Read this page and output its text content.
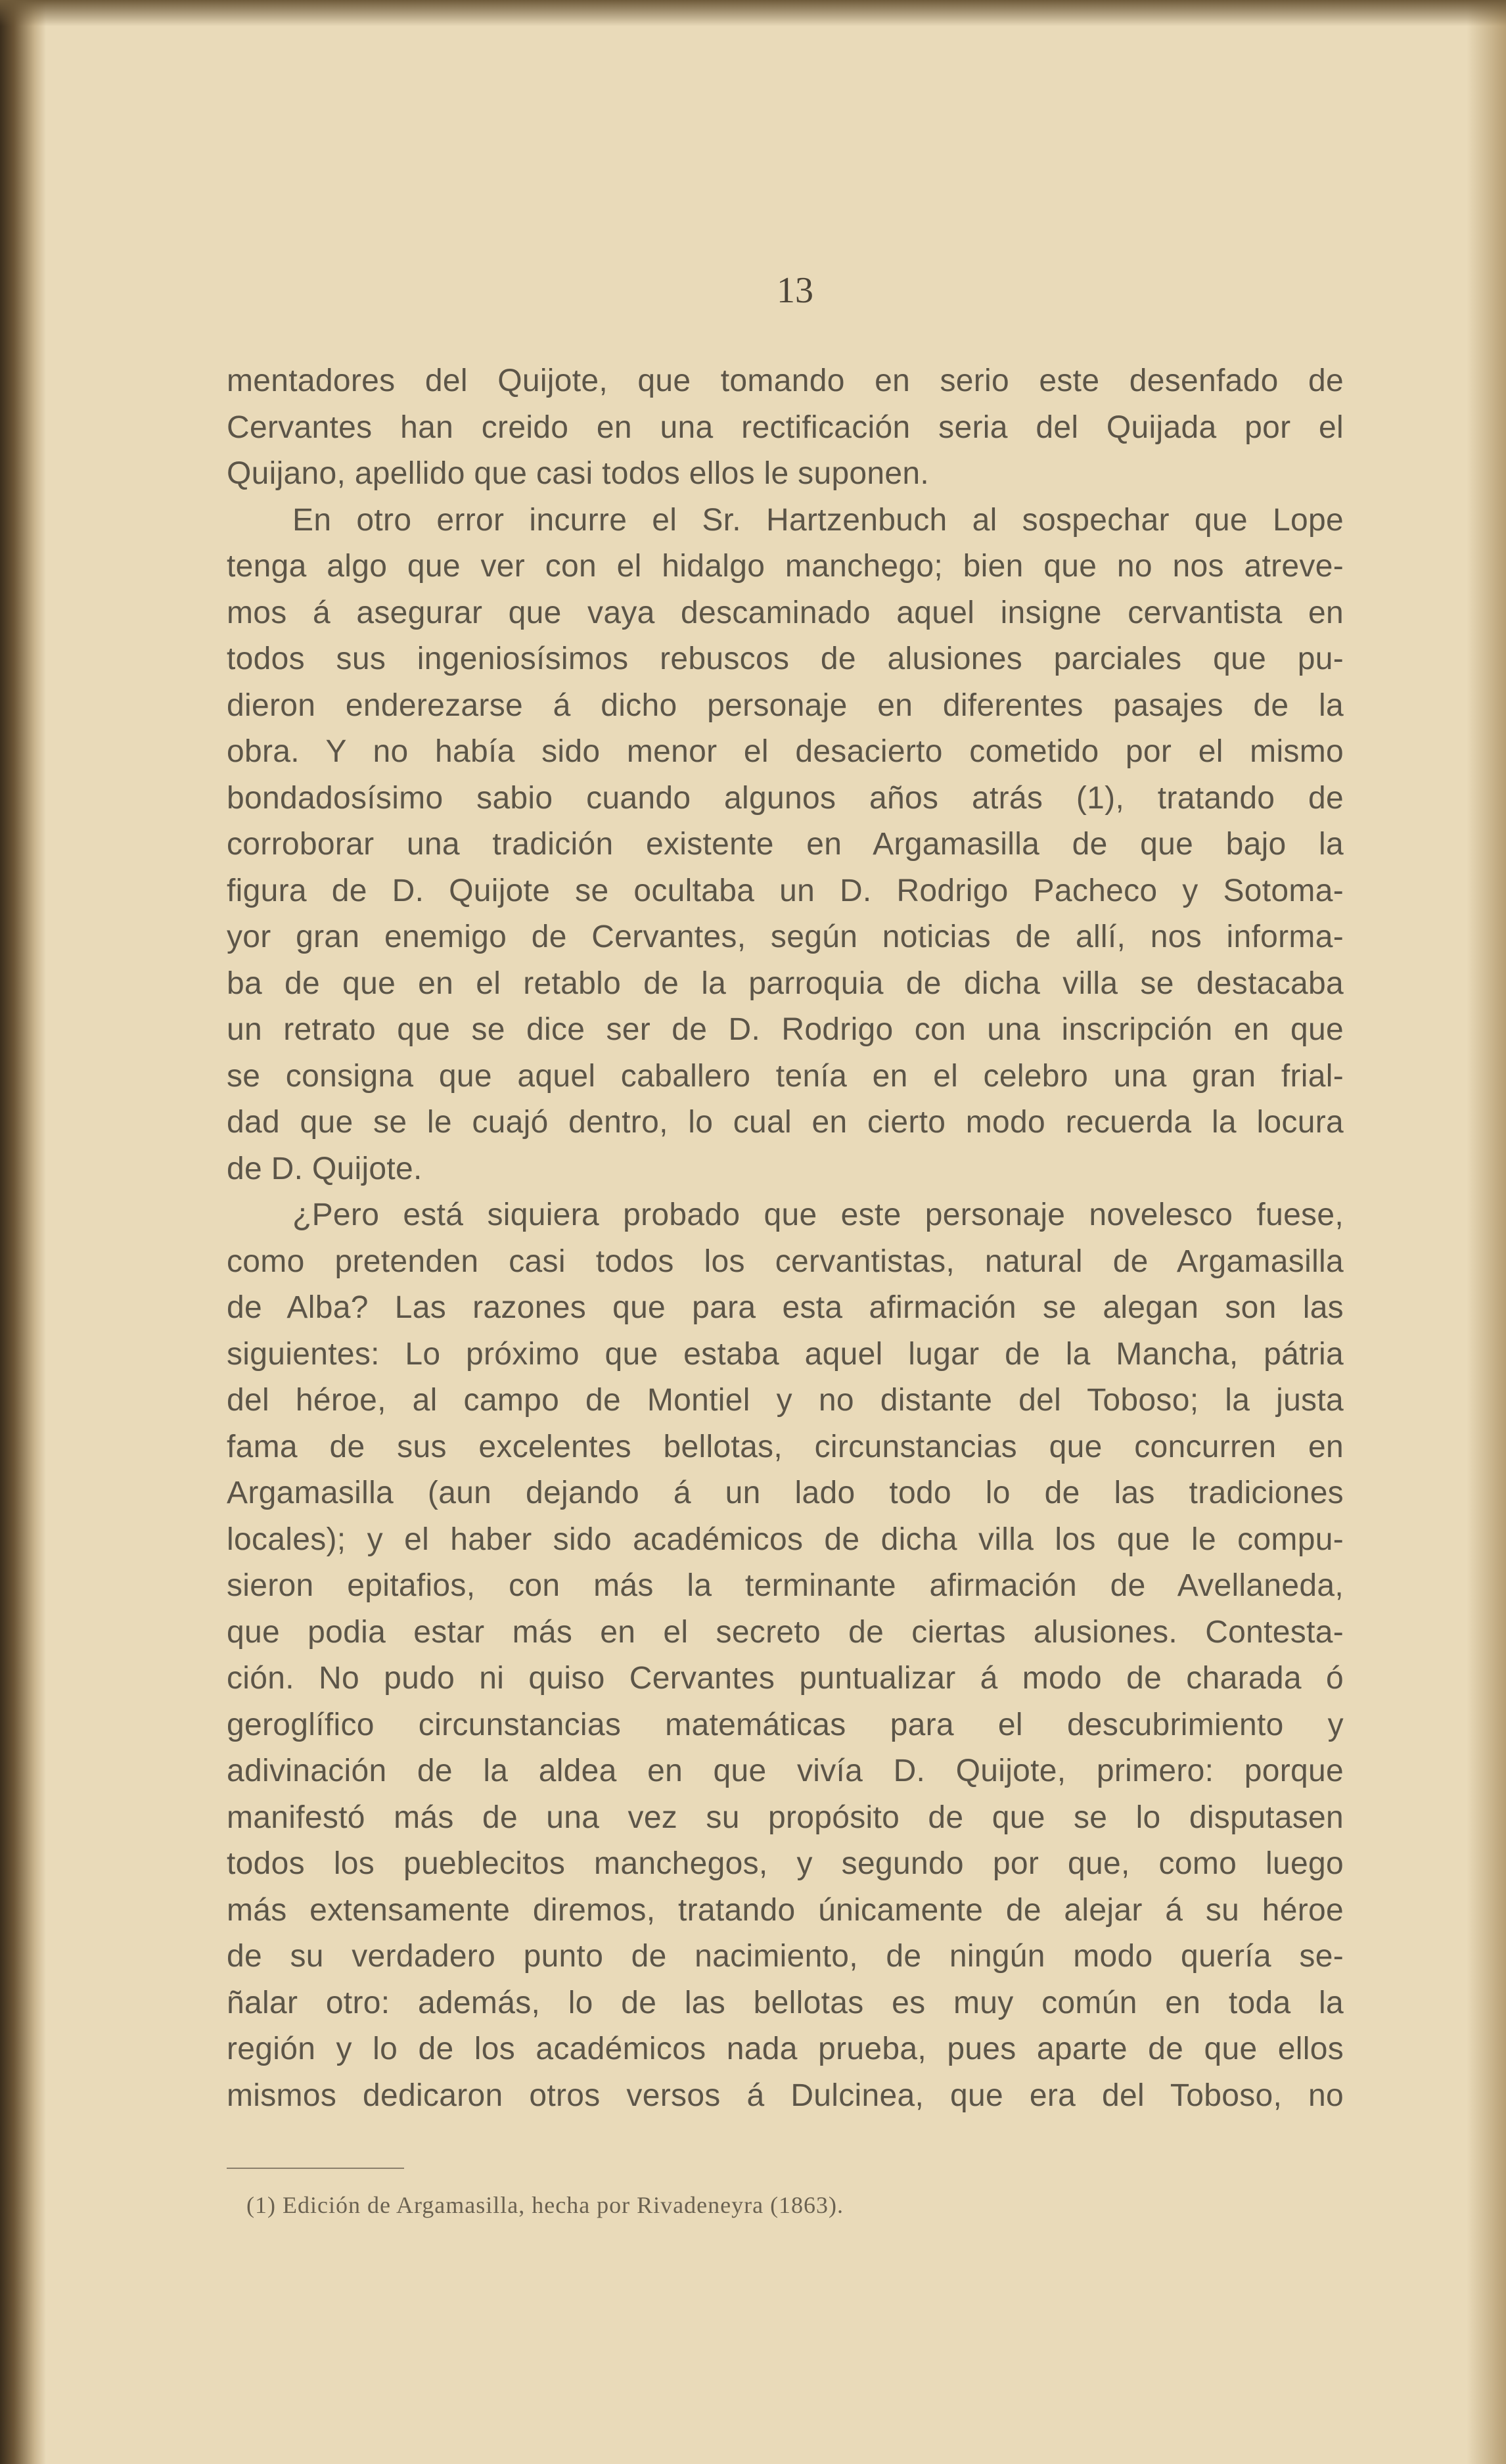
13
mentadores del Quijote, que tomando en serio este desenfado de
Cervantes han creido en una rectificación seria del Quijada por el
Quijano, apellido que casi todos ellos le suponen.
En otro error incurre el Sr. Hartzenbuch al sospechar que Lope
tenga algo que ver con el hidalgo manchego; bien que no nos atreve-
mos á asegurar que vaya descaminado aquel insigne cervantista en
todos sus ingeniosísimos rebuscos de alusiones parciales que pu-
dieron enderezarse á dicho personaje en diferentes pasajes de la
obra. Y no había sido menor el desacierto cometido por el mismo
bondadosísimo sabio cuando algunos años atrás (1), tratando de
corroborar una tradición existente en Argamasilla de que bajo la
figura de D. Quijote se ocultaba un D. Rodrigo Pacheco y Sotoma-
yor gran enemigo de Cervantes, según noticias de allí, nos informa-
ba de que en el retablo de la parroquia de dicha villa se destacaba
un retrato que se dice ser de D. Rodrigo con una inscripción en que
se consigna que aquel caballero tenía en el celebro una gran frial-
dad que se le cuajó dentro, lo cual en cierto modo recuerda la locura
de D. Quijote.
¿Pero está siquiera probado que este personaje novelesco fuese,
como pretenden casi todos los cervantistas, natural de Argamasilla
de Alba? Las razones que para esta afirmación se alegan son las
siguientes: Lo próximo que estaba aquel lugar de la Mancha, pátria
del héroe, al campo de Montiel y no distante del Toboso; la justa
fama de sus excelentes bellotas, circunstancias que concurren en
Argamasilla (aun dejando á un lado todo lo de las tradiciones
locales); y el haber sido académicos de dicha villa los que le compu-
sieron epitafios, con más la terminante afirmación de Avellaneda,
que podia estar más en el secreto de ciertas alusiones. Contesta-
ción. No pudo ni quiso Cervantes puntualizar á modo de charada ó
geroglífico circunstancias matemáticas para el descubrimiento y
adivinación de la aldea en que vivía D. Quijote, primero: porque
manifestó más de una vez su propósito de que se lo disputasen
todos los pueblecitos manchegos, y segundo por que, como luego
más extensamente diremos, tratando únicamente de alejar á su héroe
de su verdadero punto de nacimiento, de ningún modo quería se-
ñalar otro: además, lo de las bellotas es muy común en toda la
región y lo de los académicos nada prueba, pues aparte de que ellos
mismos dedicaron otros versos á Dulcinea, que era del Toboso, no
(1) Edición de Argamasilla, hecha por Rivadeneyra (1863).
